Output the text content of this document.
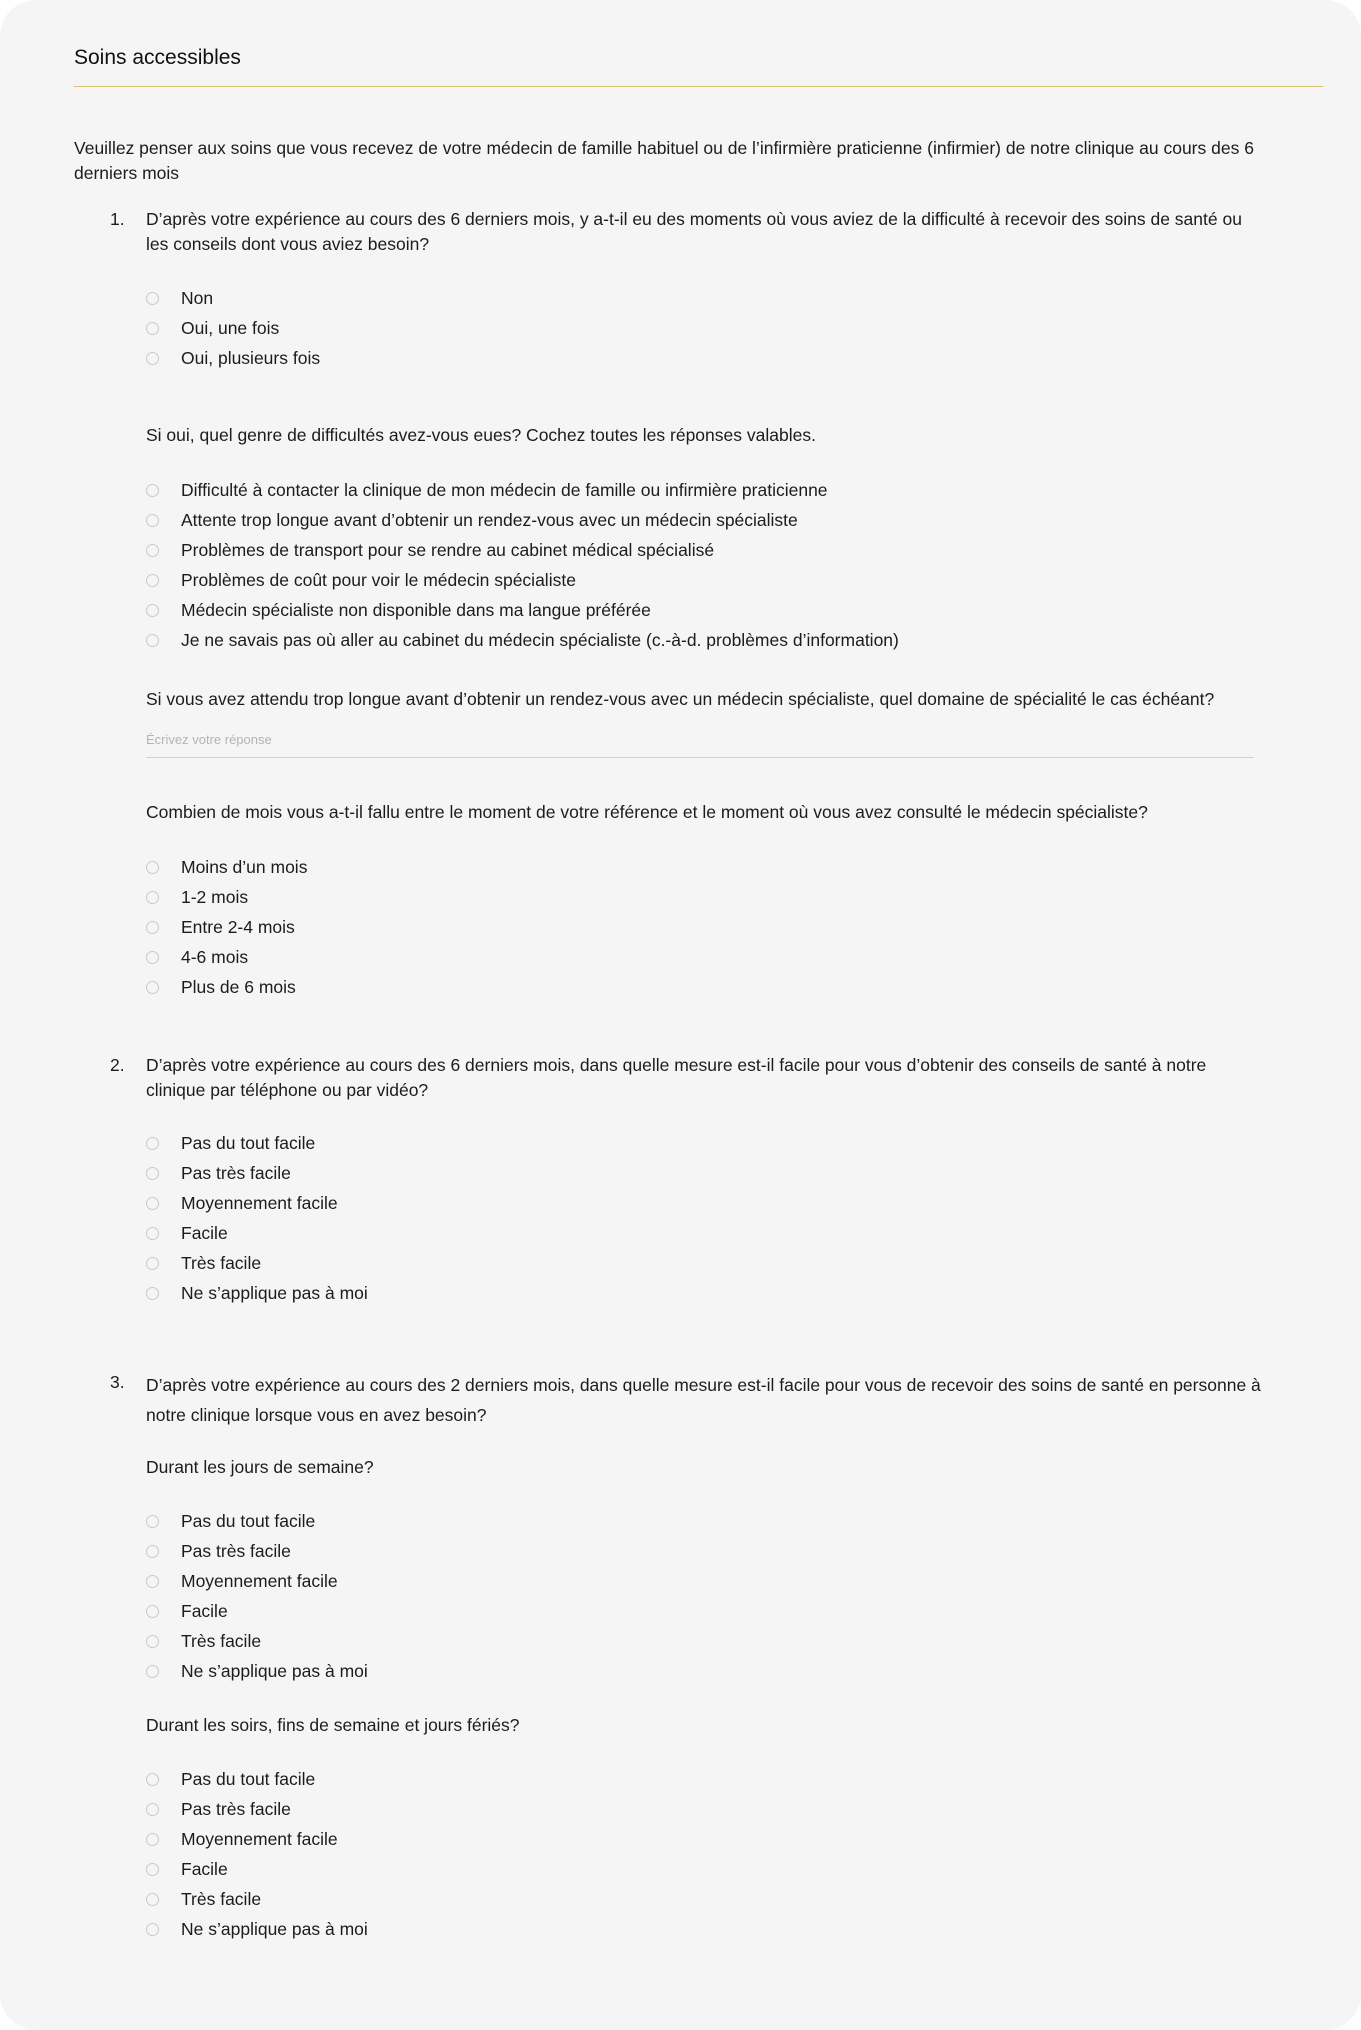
Soins accessibles
Veuillez penser aux soins que vous recevez de votre médecin de famille habituel ou de l’infirmière praticienne (infirmier) de notre clinique au cours des 6 derniers mois
1. D’après votre expérience au cours des 6 derniers mois, y a-t-il eu des moments où vous aviez de la difficulté à recevoir des soins de santé ou les conseils dont vous aviez besoin?
Non
Oui, une fois
Oui, plusieurs fois
Si oui, quel genre de difficultés avez-vous eues? Cochez toutes les réponses valables.
Difficulté à contacter la clinique de mon médecin de famille ou infirmière praticienne
Attente trop longue avant d’obtenir un rendez-vous avec un médecin spécialiste
Problèmes de transport pour se rendre au cabinet médical spécialisé
Problèmes de coût pour voir le médecin spécialiste
Médecin spécialiste non disponible dans ma langue préférée
Je ne savais pas où aller au cabinet du médecin spécialiste (c.-à-d. problèmes d’information)
Si vous avez attendu trop longue avant d’obtenir un rendez-vous avec un médecin spécialiste, quel domaine de spécialité le cas échéant?
Écrivez votre réponse
Combien de mois vous a-t-il fallu entre le moment de votre référence et le moment où vous avez consulté le médecin spécialiste?
Moins d’un mois
1-2 mois
Entre 2-4 mois
4-6 mois
Plus de 6 mois
2. D’après votre expérience au cours des 6 derniers mois, dans quelle mesure est-il facile pour vous d’obtenir des conseils de santé à notre clinique par téléphone ou par vidéo?
Pas du tout facile
Pas très facile
Moyennement facile
Facile
Très facile
Ne s’applique pas à moi
3. D’après votre expérience au cours des 2 derniers mois, dans quelle mesure est-il facile pour vous de recevoir des soins de santé en personne à notre clinique lorsque vous en avez besoin?
Durant les jours de semaine?
Pas du tout facile
Pas très facile
Moyennement facile
Facile
Très facile
Ne s’applique pas à moi
Durant les soirs, fins de semaine et jours fériés?
Pas du tout facile
Pas très facile
Moyennement facile
Facile
Très facile
Ne s’applique pas à moi
